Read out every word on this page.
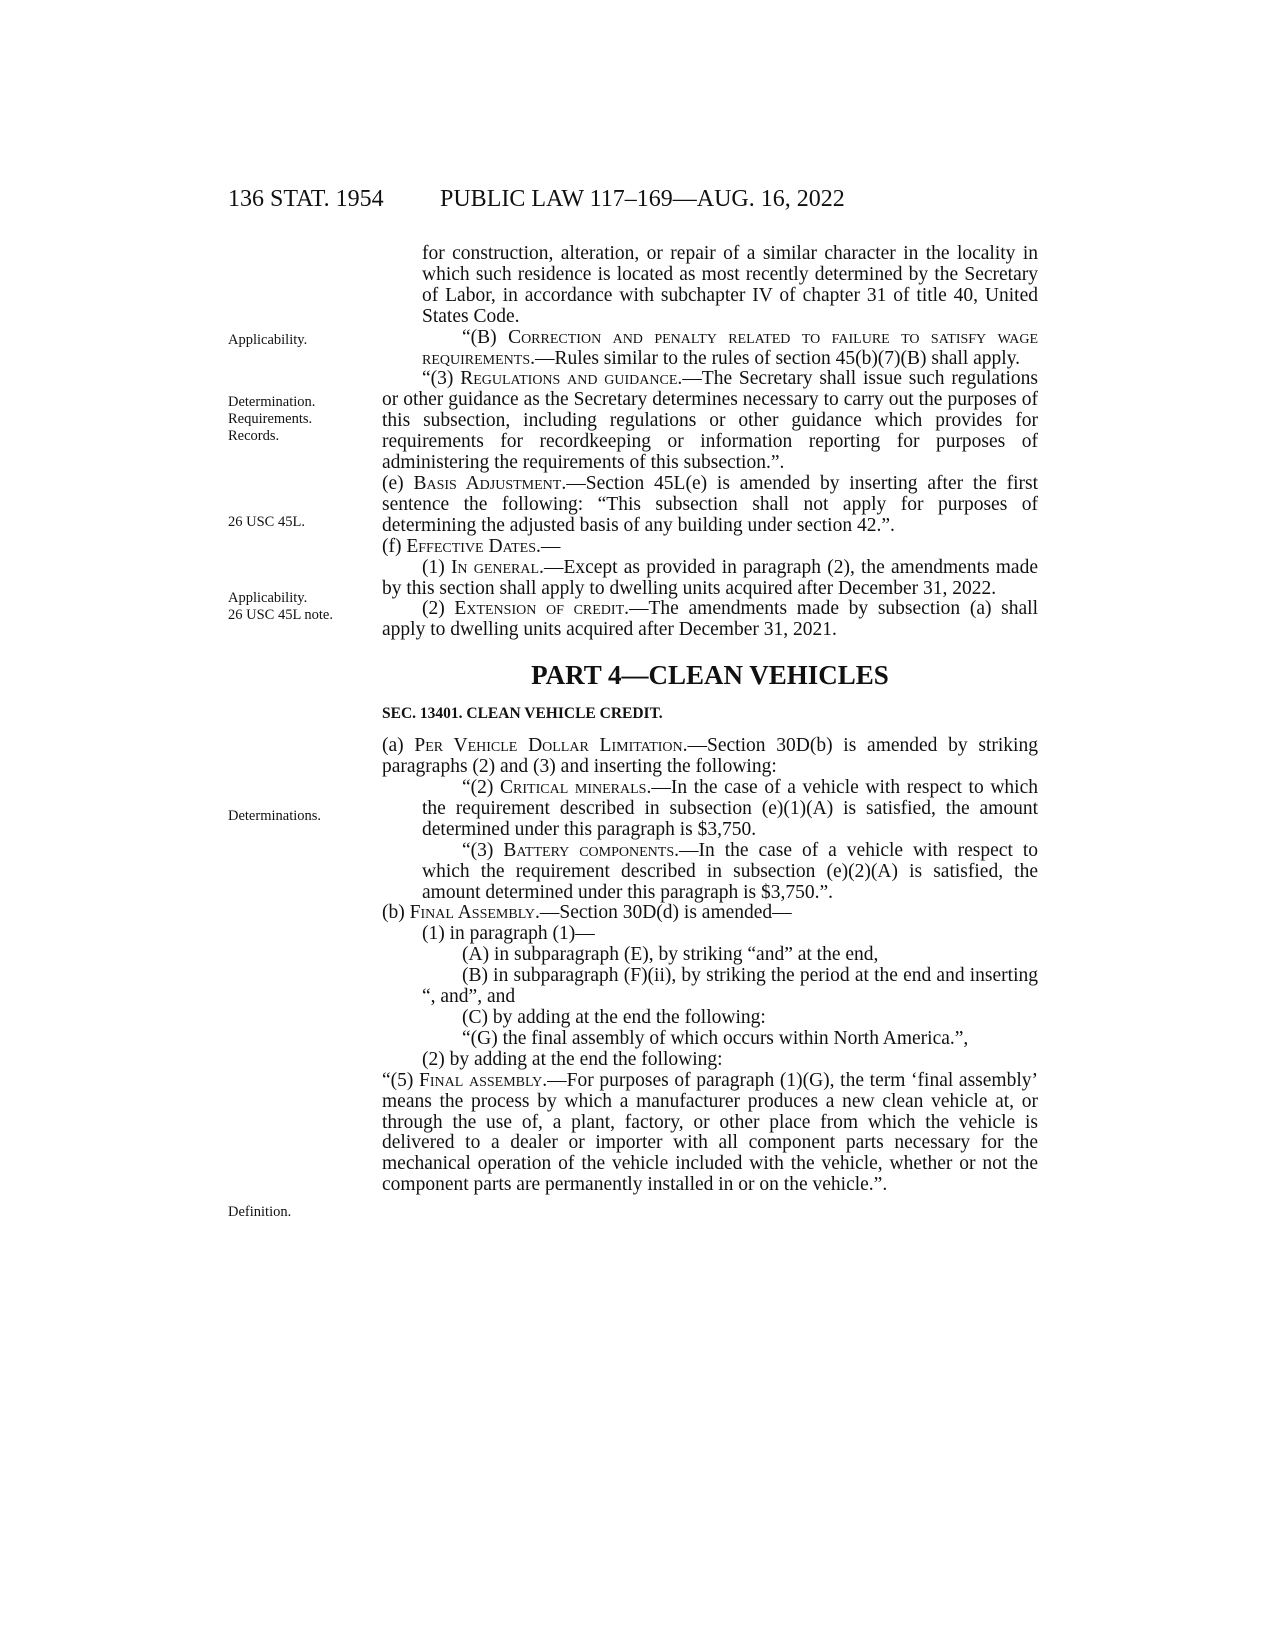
136 STAT. 1954 PUBLIC LAW 117–169—AUG. 16, 2022
Applicability.
Determination.
Requirements.
Records.
26 USC 45L.
Applicability.
26 USC 45L note.
Determinations.
Definition.

for construction, alteration, or repair of a similar character in the locality in which such residence is located as most recently determined by the Secretary of Labor, in accordance with subchapter IV of chapter 31 of title 40, United States Code.

“(B) Correction and penalty related to failure to satisfy wage requirements.—Rules similar to the rules of section 45(b)(7)(B) shall apply.

“(3) Regulations and guidance.—The Secretary shall issue such regulations or other guidance as the Secretary determines necessary to carry out the purposes of this subsection, including regulations or other guidance which provides for requirements for recordkeeping or information reporting for purposes of administering the requirements of this subsection.”.

(e) Basis Adjustment.—Section 45L(e) is amended by inserting after the first sentence the following: “This subsection shall not apply for purposes of determining the adjusted basis of any building under section 42.”.

(f) Effective Dates.—

(1) In general.—Except as provided in paragraph (2), the amendments made by this section shall apply to dwelling units acquired after December 31, 2022.

(2) Extension of credit.—The amendments made by subsection (a) shall apply to dwelling units acquired after December 31, 2021.

PART 4—CLEAN VEHICLES
SEC. 13401. CLEAN VEHICLE CREDIT.

(a) Per Vehicle Dollar Limitation.—Section 30D(b) is amended by striking paragraphs (2) and (3) and inserting the following:

“(2) Critical minerals.—In the case of a vehicle with respect to which the requirement described in subsection (e)(1)(A) is satisfied, the amount determined under this paragraph is $3,750.

“(3) Battery components.—In the case of a vehicle with respect to which the requirement described in subsection (e)(2)(A) is satisfied, the amount determined under this paragraph is $3,750.”.

(b) Final Assembly.—Section 30D(d) is amended—

(1) in paragraph (1)—

(A) in subparagraph (E), by striking “and” at the end,

(B) in subparagraph (F)(ii), by striking the period at the end and inserting “, and”, and

(C) by adding at the end the following:

“(G) the final assembly of which occurs within North America.”,

(2) by adding at the end the following:

“(5) Final assembly.—For purposes of paragraph (1)(G), the term ‘final assembly’ means the process by which a manufacturer produces a new clean vehicle at, or through the use of, a plant, factory, or other place from which the vehicle is delivered to a dealer or importer with all component parts necessary for the mechanical operation of the vehicle included with the vehicle, whether or not the component parts are permanently installed in or on the vehicle.”.
